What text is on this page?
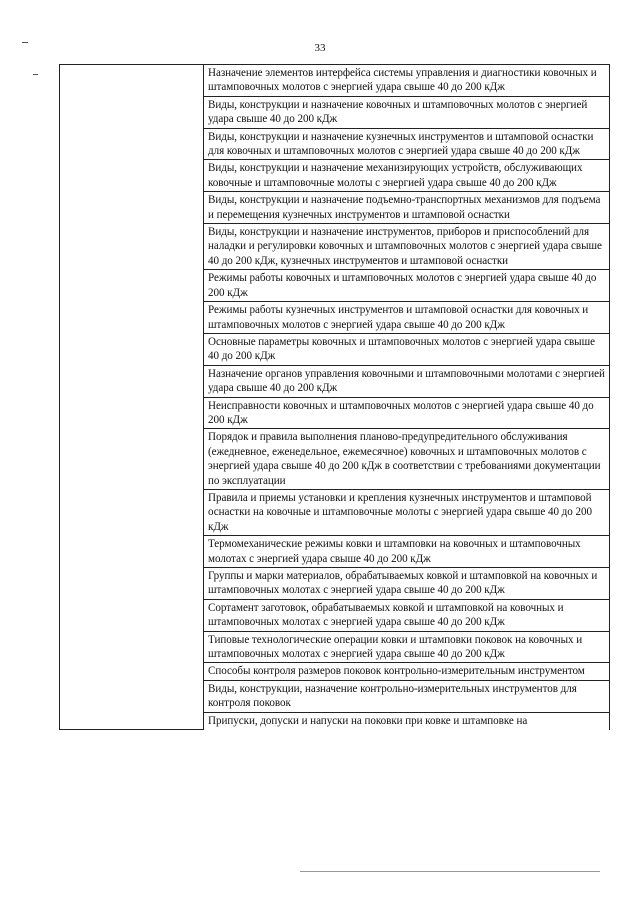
33
	Назначение элементов интерфейса системы управления и диагностики ковочных и штамповочных молотов с энергией удара свыше 40 до 200 кДж
Виды, конструкции и назначение ковочных и штамповочных молотов с энергией удара свыше 40 до 200 кДж
Виды, конструкции и назначение кузнечных инструментов и штамповой оснастки для ковочных и штамповочных молотов с энергией удара свыше 40 до 200 кДж
Виды, конструкции и назначение механизирующих устройств, обслуживающих ковочные и штамповочные молоты с энергией удара свыше 40 до 200 кДж
Виды, конструкции и назначение подъемно-транспортных механизмов для подъема и перемещения кузнечных инструментов и штамповой оснастки
Виды, конструкции и назначение инструментов, приборов и приспособлений для наладки и регулировки ковочных и штамповочных молотов с энергией удара свыше 40 до 200 кДж, кузнечных инструментов и штамповой оснастки
Режимы работы ковочных и штамповочных молотов с энергией удара свыше 40 до 200 кДж
Режимы работы кузнечных инструментов и штамповой оснастки для ковочных и штамповочных молотов с энергией удара свыше 40 до 200 кДж
Основные параметры ковочных и штамповочных молотов с энергией удара свыше 40 до 200 кДж
Назначение органов управления ковочными и штамповочными молотами с энергией удара свыше 40 до 200 кДж
Неисправности ковочных и штамповочных молотов с энергией удара свыше 40 до 200 кДж
Порядок и правила выполнения планово-предупредительного обслуживания (ежедневное, еженедельное, ежемесячное) ковочных и штамповочных молотов с энергией удара свыше 40 до 200 кДж в соответствии с требованиями документации по эксплуатации
Правила и приемы установки и крепления кузнечных инструментов и штамповой оснастки на ковочные и штамповочные молоты с энергией удара свыше 40 до 200 кДж
Термомеханические режимы ковки и штамповки на ковочных и штамповочных молотах с энергией удара свыше 40 до 200 кДж
Группы и марки материалов, обрабатываемых ковкой и штамповкой на ковочных и штамповочных молотах с энергией удара свыше 40 до 200 кДж
Сортамент заготовок, обрабатываемых ковкой и штамповкой на ковочных и штамповочных молотах с энергией удара свыше 40 до 200 кДж
Типовые технологические операции ковки и штамповки поковок на ковочных и штамповочных молотах с энергией удара свыше 40 до 200 кДж
Способы контроля размеров поковок контрольно-измерительным инструментом
Виды, конструкции, назначение контрольно-измерительных инструментов для контроля поковок
Припуски, допуски и напуски на поковки при ковке и штамповке на
